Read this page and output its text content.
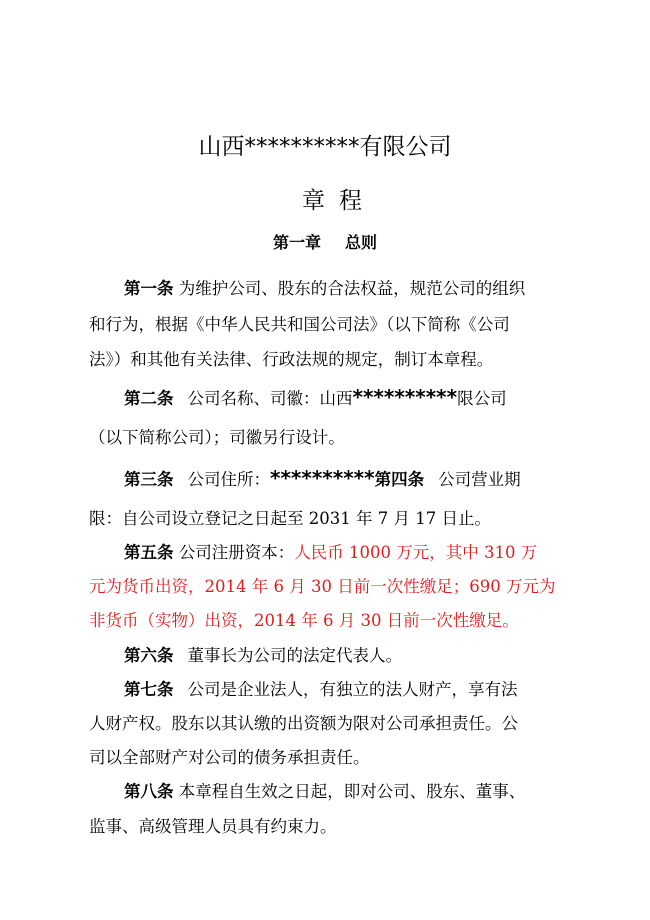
山西**********有限公司
章程
第一章 总则
第一条 为维护公司、股东的合法权益，规范公司的组织
和行为，根据《中华人民共和国公司法》（以下简称《公司
法》）和其他有关法律、行政法规的规定，制订本章程。
第二条 公司名称、司徽：山西**********限公司
（以下简称公司）；司徽另行设计。
第三条 公司住所：**********第四条 公司营业期
限：自公司设立登记之日起至 2031 年 7 月 17 日止。
第五条 公司注册资本：人民币 1000 万元，其中 310 万
元为货币出资，2014 年 6 月 30 日前一次性缴足；690 万元为
非货币（实物）出资，2014 年 6 月 30 日前一次性缴足。
第六条 董事长为公司的法定代表人。
第七条 公司是企业法人，有独立的法人财产，享有法
人财产权。股东以其认缴的出资额为限对公司承担责任。公
司以全部财产对公司的债务承担责任。
第八条 本章程自生效之日起，即对公司、股东、董事、
监事、高级管理人员具有约束力。
